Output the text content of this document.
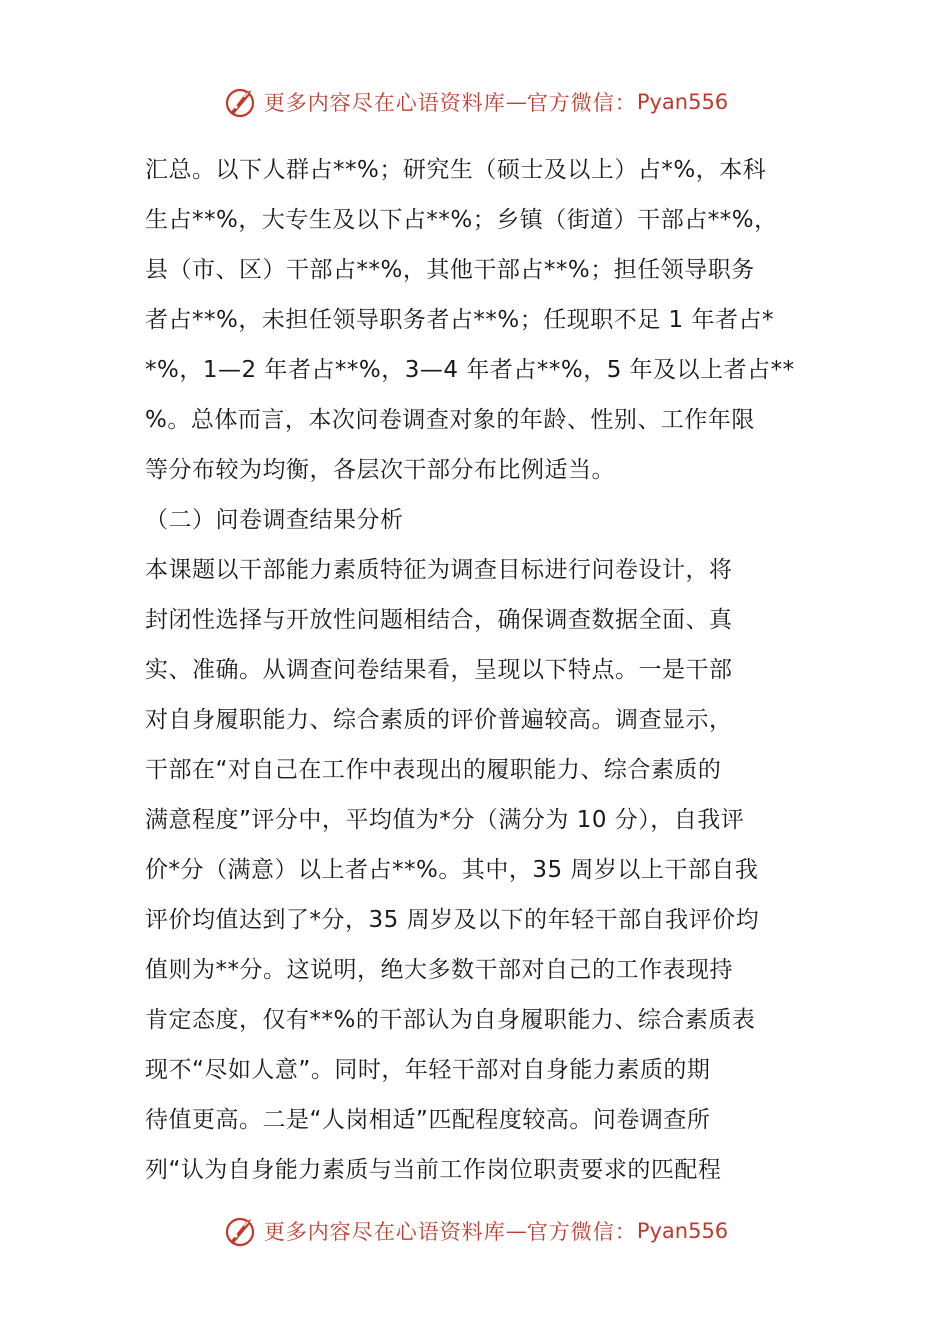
更多内容尽在心语资料库 — 官方微信： Pyan556
汇总。以下人群占**%；研究生（硕士及以上）占*%，本科
生占**%，大专生及以下占**%；乡镇（街道）干部占**%，
县（市、区）干部占**%，其他干部占**%；担任领导职务
者占**%，未担任领导职务者占**%；任现职不足 1 年者占*
*%，1—2 年者占**%，3—4 年者占**%，5 年及以上者占**
%。总体而言，本次问卷调查对象的年龄、性别、工作年限
等分布较为均衡，各层次干部分布比例适当。
（二）问卷调查结果分析
本课题以干部能力素质特征为调查目标进行问卷设计，将
封闭性选择与开放性问题相结合，确保调查数据全面、真
实、准确。从调查问卷结果看，呈现以下特点。一是干部
对自身履职能力、综合素质的评价普遍较高。调查显示，
干部在“对自己在工作中表现出的履职能力、综合素质的
满意程度”评分中，平均值为*分（满分为 10 分），自我评
价*分（满意）以上者占**%。其中，35 周岁以上干部自我
评价均值达到了*分，35 周岁及以下的年轻干部自我评价均
值则为**分。这说明，绝大多数干部对自己的工作表现持
肯定态度，仅有**%的干部认为自身履职能力、综合素质表
现不“尽如人意”。同时，年轻干部对自身能力素质的期
待值更高。二是“人岗相适”匹配程度较高。问卷调查所
列“认为自身能力素质与当前工作岗位职责要求的匹配程
更多内容尽在心语资料库 — 官方微信： Pyan556
